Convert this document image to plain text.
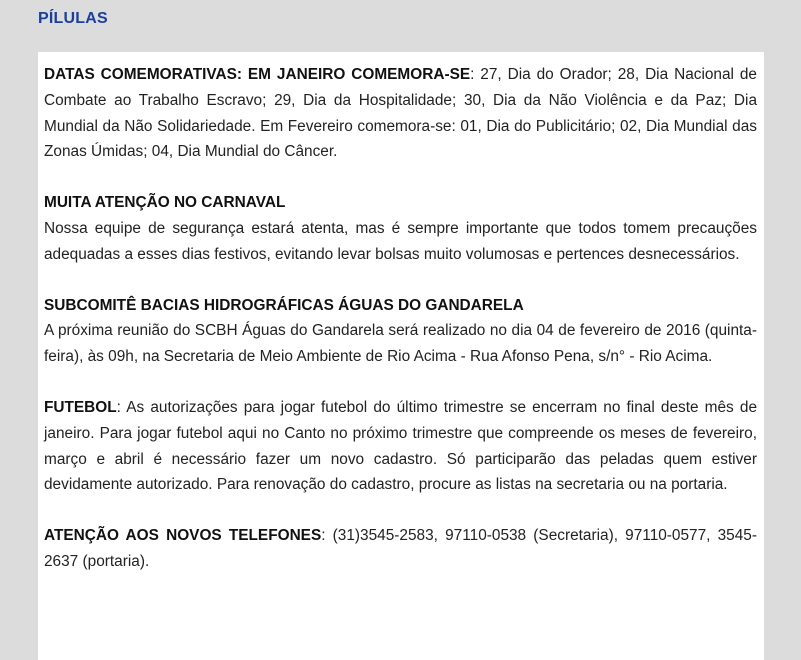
PÍLULAS

DATAS COMEMORATIVAS: EM JANEIRO COMEMORA-SE: 27, Dia do Orador; 28, Dia Nacional de Combate ao Trabalho Escravo; 29, Dia da Hospitalidade; 30, Dia da Não Violência e da Paz; Dia Mundial da Não Solidariedade. Em Fevereiro comemora-se: 01, Dia do Publicitário; 02, Dia Mundial das Zonas Úmidas; 04, Dia Mundial do Câncer.

MUITA ATENÇÃO NO CARNAVAL
Nossa equipe de segurança estará atenta, mas é sempre importante que todos tomem precauções adequadas a esses dias festivos, evitando levar bolsas muito volumosas e pertences desnecessários.

SUBCOMITÊ BACIAS HIDROGRÁFICAS ÁGUAS DO GANDARELA
A próxima reunião do SCBH Águas do Gandarela será realizado no dia 04 de fevereiro de 2016 (quinta-feira), às 09h, na Secretaria de Meio Ambiente de Rio Acima - Rua Afonso Pena, s/n° - Rio Acima.

FUTEBOL: As autorizações para jogar futebol do último trimestre se encerram no final deste mês de janeiro. Para jogar futebol aqui no Canto no próximo trimestre que compreende os meses de fevereiro, março e abril é necessário fazer um novo cadastro. Só participarão das peladas quem estiver devidamente autorizado. Para renovação do cadastro, procure as listas na secretaria ou na portaria.

ATENÇÃO AOS NOVOS TELEFONES: (31)3545-2583, 97110-0538 (Secretaria), 97110-0577, 3545-2637 (portaria).
